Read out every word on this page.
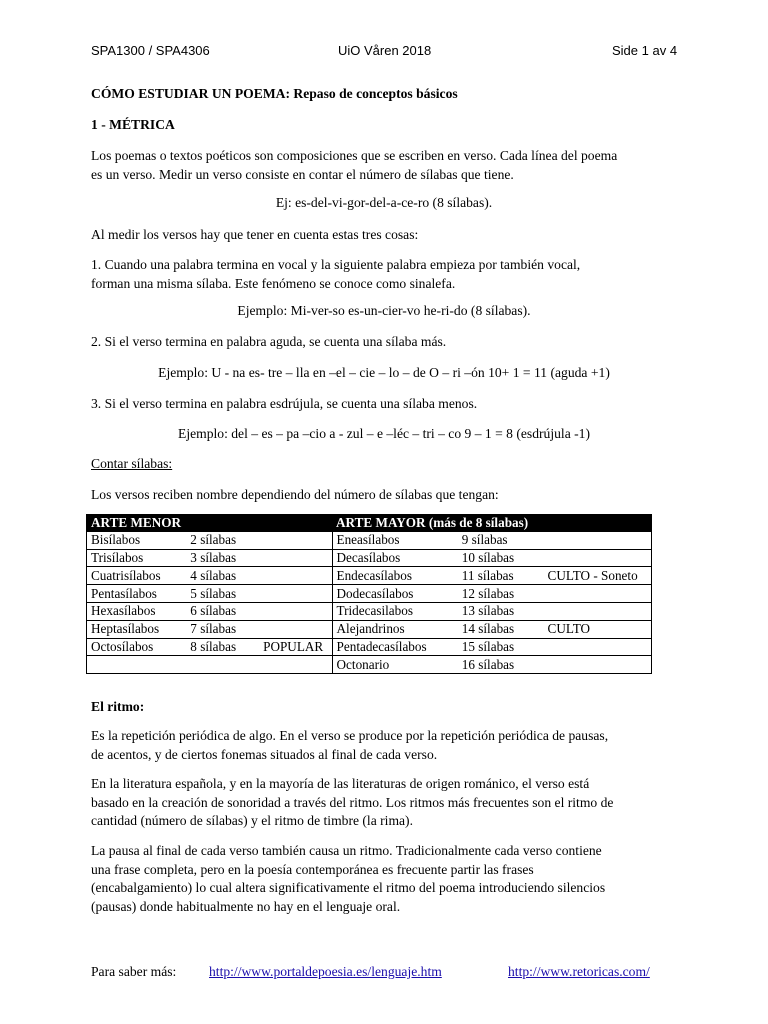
SPA1300 / SPA4306	UiO Våren 2018	Side 1 av 4
CÓMO ESTUDIAR UN POEMA: Repaso de conceptos básicos
1 - MÉTRICA
Los poemas o textos poéticos son composiciones que se escriben en verso. Cada línea del poema
es un verso. Medir un verso consiste en contar el número de sílabas que tiene.
Ej: es-del-vi-gor-del-a-ce-ro (8 sílabas).
Al medir los versos hay que tener en cuenta estas tres cosas:
1. Cuando una palabra termina en vocal y la siguiente palabra empieza por también vocal,
forman una misma sílaba. Este fenómeno se conoce como sinalefa.
Ejemplo: Mi-ver-so es-un-cier-vo he-ri-do (8 sílabas).
2. Si el verso termina en palabra aguda, se cuenta una sílaba más.
Ejemplo: U - na es- tre – lla en –el – cie – lo – de O – ri –ón 10+ 1 = 11 (aguda +1)
3. Si el verso termina en palabra esdrújula, se cuenta una sílaba menos.
Ejemplo: del – es – pa –cio a - zul – e –léc – tri – co 9 – 1 = 8 (esdrújula -1)
Contar sílabas:
Los versos reciben nombre dependiendo del número de sílabas que tengan:
ARTE MENOR			ARTE MAYOR (más de 8 sílabas)		
Bisílabos	2 sílabas		Eneasílabos	9 sílabas	
Trisílabos	3 sílabas		Decasílabos	10 sílabas	
Cuatrisílabos	4 sílabas		Endecasílabos	11 sílabas	CULTO - Soneto
Pentasílabos	5 sílabas		Dodecasílabos	12 sílabas	
Hexasílabos	6 sílabas		Tridecasilabos	13 sílabas	
Heptasílabos	7 sílabas		Alejandrinos	14 sílabas	CULTO
Octosílabos	8 sílabas	POPULAR	Pentadecasílabos	15 sílabas	
			Octonario	16 sílabas	
El ritmo:
Es la repetición periódica de algo. En el verso se produce por la repetición periódica de pausas,
de acentos, y de ciertos fonemas situados al final de cada verso.
En la literatura española, y en la mayoría de las literaturas de origen románico, el verso está
basado en la creación de sonoridad a través del ritmo. Los ritmos más frecuentes son el ritmo de
cantidad (número de sílabas) y el ritmo de timbre (la rima).
La pausa al final de cada verso también causa un ritmo. Tradicionalmente cada verso contiene
una frase completa, pero en la poesía contemporánea es frecuente partir las frases
(encabalgamiento) lo cual altera significativamente el ritmo del poema introduciendo silencios
(pausas) donde habitualmente no hay en el lenguaje oral.
Para saber más: http://www.portaldepoesia.es/lenguaje.htm	http://www.retoricas.com/
